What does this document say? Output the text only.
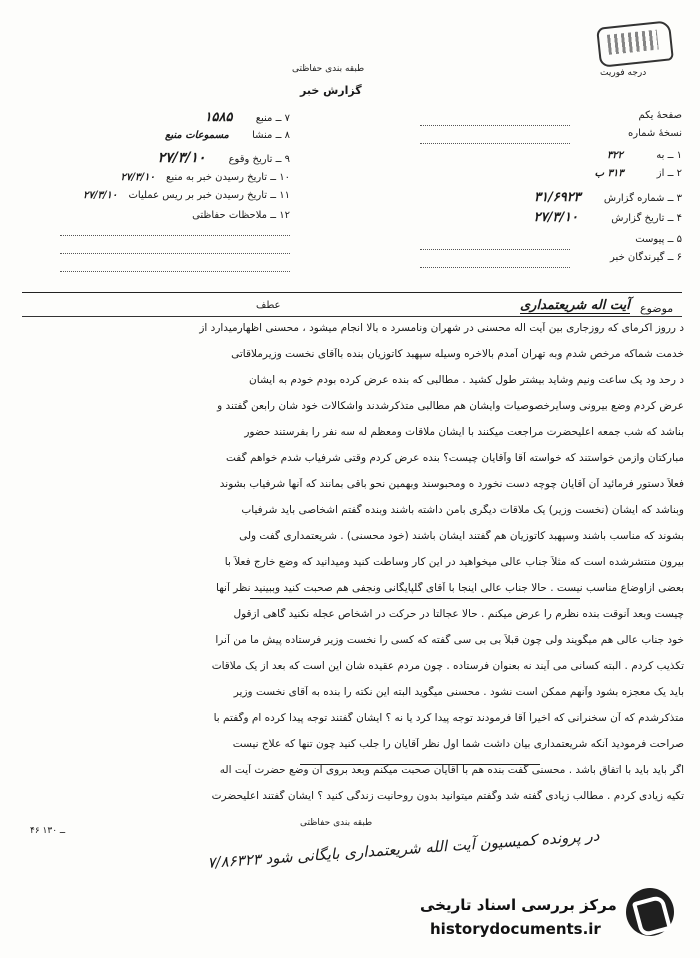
درجه فوریت
طبقه بندی حفاظتی
گزارش خبر
صفحهٔ یکم
نسخهٔ شماره
۱ ــ به ۳۲۲
۲ ــ از ۳۱۳ ب
۳ ــ شماره گزارش ۳۱/۶۹۲۳
۴ ــ تاریخ گزارش ۲۷/۳/۱۰
۵ ــ پیوست
۶ ــ گیرندگان خبر
۷ ــ منبع ۱۵۸۵
۸ ــ منشا مسموعات منبع
۹ ــ تاریخ وقوع ۲۷/۳/۱۰
۱۰ ــ تاریخ رسیدن خبر به منبع ۲۷/۳/۱۰
۱۱ ــ تاریخ رسیدن خبر بر ریس عملیات ۲۷/۳/۱۰
۱۲ ــ ملاحظات حفاظتی
موضوع
آیت اله شریعتمداری
عطف
د رروز اکرمای که روزجاری بین آیت اله محسنی در شهران ونامسرد ه بالا انجام میشود ، محسنی اظهارمیدارد از
خدمت شماکه مرخص شدم وبه تهران آمدم بالاخره وسیله سپهبد کاتوزیان بنده باآقای نخست وزیرملاقاتی
د رحد ود یک ساعت ونیم وشاید بیشتر طول کشید . مطالبی که بنده عرض کرده بودم خودم به ایشان
عرض کردم وضع بیرونی وسایرخصوصیات وایشان هم مطالبی متذکرشدند واشکالات خود شان رابعن گفتند و
بناشد که شب جمعه اعلیحضرت مراجعت میکنند با ایشان ملاقات ومعظم له سه نفر را بفرستند حضور
مبارکتان وازمن خواستند که خواسته آقا وآقایان چیست؟ بنده عرض کردم وقتی شرفیاب شدم خواهم گفت
فعلاً دستور فرمائید آن آقایان چوچه دست نخورد ه ومحبوسند وبهمین نحو باقی بمانند که آنها شرفیاب بشوند
وبناشد که ایشان (نخست وزیر) یک ملاقات دیگری بامن داشته باشند وبنده گفتم اشخاصی باید شرفیاب
بشوند که مناسب باشند وسپهبد کاتوزیان هم گفتند ایشان باشند (خود محسنی) . شریعتمداری گفت ولی
بیرون منتشرشده است که مثلاً جناب عالی میخواهید در این کار وساطت کنید ومیدانید که وضع خارج فعلاً با
بعضی ازاوضاع مناسب نیست . حالا جناب عالی اینجا با آقای گلپایگانی ونجفی هم صحبت کنید وببینید نظر آنها
چیست وبعد آنوقت بنده نظرم را عرض میکنم . حالا عجالتاً در حرکت در اشخاص عجله نکنید گاهی ازقول
خود جناب عالی هم میگویند ولی چون قبلاً بی بی سی گفته که کسی را نخست وزیر فرستاده پیش ما من آنرا
تکذیب کردم . البته کسانی می آیند نه بعنوان فرستاده . چون مردم عقیده شان این است که بعد از یک ملاقات
باید یک معجزه بشود وآنهم ممکن است نشود . محسنی میگوید البته این نکته را بنده به آقای نخست وزیر
متذکرشدم که آن سخنرانی که اخیراً آقا فرمودند توجه پیدا کرد یا نه ؟ ایشان گفتند توجه پیدا کرده ام وگفتم با
صراحت فرمودید آنکه شریعتمداری بیان داشت شما اول نظر آقایان را جلب کنید چون تنها که علاج نیست
اگر باید باید با اتفاق باشد . محسنی گفت بنده هم با آقایان صحبت میکنم وبعد بروی آن وضع حضرت آیت اله
تکیه زیادی کردم . مطالب زیادی گفته شد وگفتم میتوانید بدون روحانیت زندگی کنید ؟ ایشان گفتند اعلیحضرت
طبقه بندی حفاظتی
۴۶ ــ ۱۳۰
در پرونده کمیسیون آیت الله شریعتمداری بایگانی شود ۷/۸۶۳۲۳
مرکز بررسی اسناد تاریخی
historydocuments.ir
